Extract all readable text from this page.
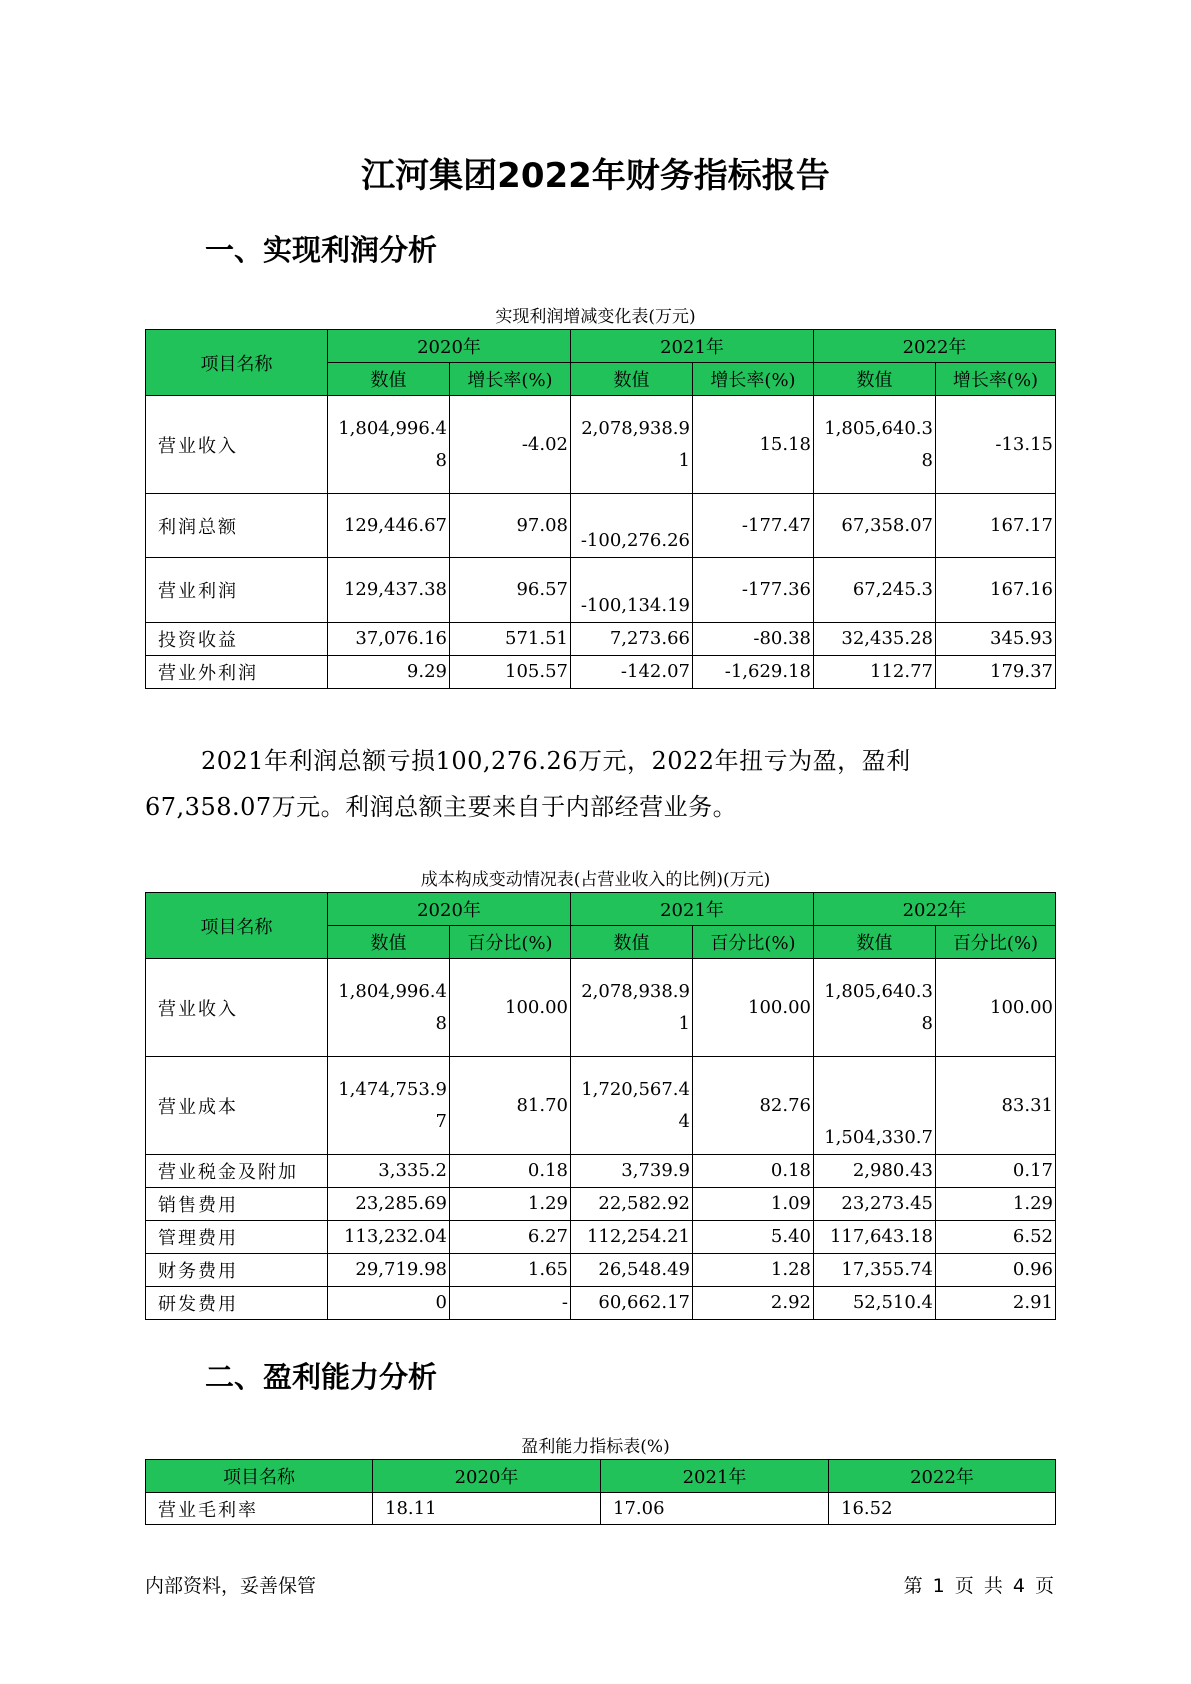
江河集团2022年财务指标报告
一、实现利润分析
实现利润增减变化表(万元)
项目名称	2020年		2021年		2022年	
	数值	增长率(%)	数值	增长率(%)	数值	增长率(%)
营业收入	1,804,996.48	-4.02	2,078,938.91	15.18	1,805,640.38	-13.15
利润总额	129,446.67	97.08	-100,276.26	-177.47	67,358.07	167.17
营业利润	129,437.38	96.57	-100,134.19	-177.36	67,245.3	167.16
投资收益	37,076.16	571.51	7,273.66	-80.38	32,435.28	345.93
营业外利润	9.29	105.57	-142.07	-1,629.18	112.77	179.37
2021年利润总额亏损100,276.26万元，2022年扭亏为盈，盈利67,358.07万元。利润总额主要来自于内部经营业务。
成本构成变动情况表(占营业收入的比例)(万元)
项目名称	2020年		2021年		2022年	
	数值	百分比(%)	数值	百分比(%)	数值	百分比(%)
营业收入	1,804,996.48	100.00	2,078,938.91	100.00	1,805,640.38	100.00
营业成本	1,474,753.97	81.70	1,720,567.44	82.76	1,504,330.7	83.31
营业税金及附加	3,335.2	0.18	3,739.9	0.18	2,980.43	0.17
销售费用	23,285.69	1.29	22,582.92	1.09	23,273.45	1.29
管理费用	113,232.04	6.27	112,254.21	5.40	117,643.18	6.52
财务费用	29,719.98	1.65	26,548.49	1.28	17,355.74	0.96
研发费用	0	-	60,662.17	2.92	52,510.4	2.91
二、盈利能力分析
盈利能力指标表(%)
项目名称	2020年	2021年	2022年
营业毛利率	18.11	17.06	16.52
内部资料，妥善保管	第 1 页 共 4 页
